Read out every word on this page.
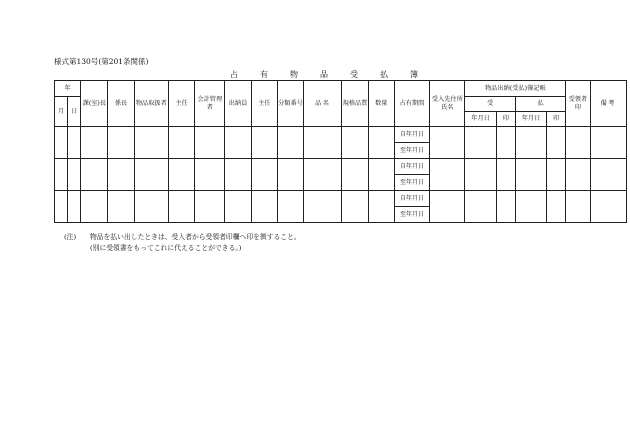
様式第130号(第201条関係)
占有物品受払簿
年		課(室)長	係長	物品取扱者	主任	会計管理者	出納員	主任	分類番号	品名	規格品質	数量	占有期間	受入先住所氏名	物品出納(受払)簿記帳				受領者印	備考
月	日														受		払			
															年月日	印	年月日	印		
													自年月日							
													至年月日							
													自年月日							
													至年月日							
													自年月日							
													至年月日							
(注) 物品を払い出したときは、受入者から受領者印欄へ印を徴すること。
(別に受領書をもってこれに代えることができる。)
